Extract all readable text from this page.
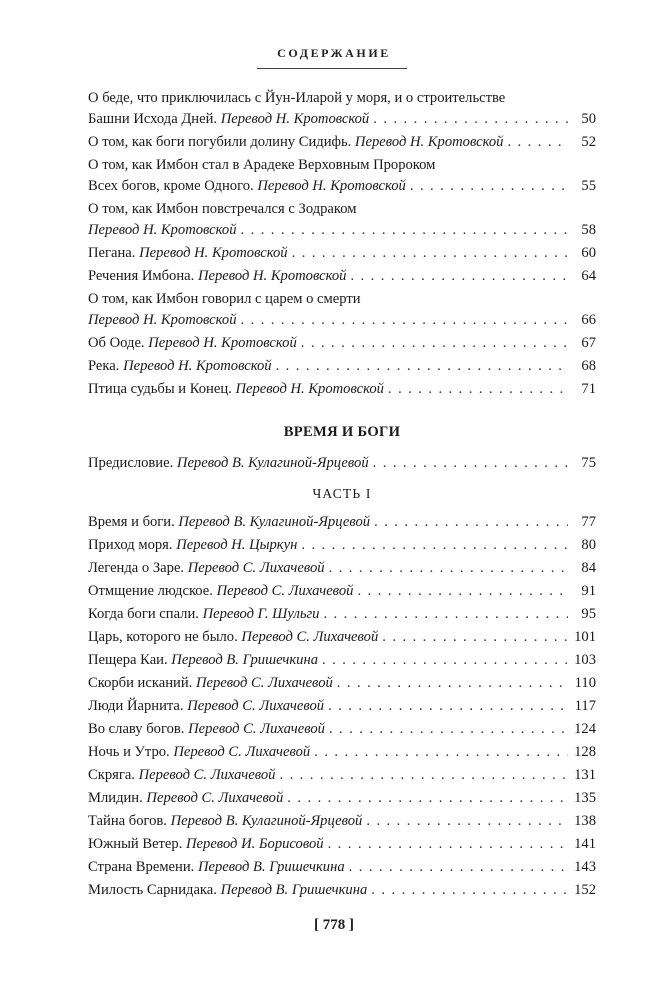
СОДЕРЖАНИЕ
О беде, что приключилась с Йун-Иларой у моря, и о строительстве
Башни Исхода Дней. Перевод Н. Кротовской . . .	50
О том, как боги погубили долину Сидифь. Перевод Н. Кротовской . . .	52
О том, как Имбон стал в Арадеке Верховным Пророком
Всех богов, кроме Одного. Перевод Н. Кротовской . . .	55
О том, как Имбон повстречался с Зодраком
Перевод Н. Кротовской . . .	58
Пегана. Перевод Н. Кротовской . . .	60
Речения Имбона. Перевод Н. Кротовской . . .	64
О том, как Имбон говорил с царем о смерти
Перевод Н. Кротовской . . .	66
Об Ооде. Перевод Н. Кротовской . . .	67
Река. Перевод Н. Кротовской . . .	68
Птица судьбы и Конец. Перевод Н. Кротовской . . .	71
ВРЕМЯ И БОГИ
Предисловие. Перевод В. Кулагиной-Ярцевой . . .	75
ЧАСТЬ I
Время и боги. Перевод В. Кулагиной-Ярцевой . . .	77
Приход моря. Перевод Н. Цыркун . . .	80
Легенда о Заре. Перевод С. Лихачевой . . .	84
Отмщение людское. Перевод С. Лихачевой . . .	91
Когда боги спали. Перевод Г. Шульги . . .	95
Царь, которого не было. Перевод С. Лихачевой . . .	101
Пещера Каи. Перевод В. Гришечкина . . .	103
Скорби исканий. Перевод С. Лихачевой . . .	110
Люди Йарнита. Перевод С. Лихачевой . . .	117
Во славу богов. Перевод С. Лихачевой . . .	124
Ночь и Утро. Перевод С. Лихачевой . . .	128
Скряга. Перевод С. Лихачевой . . .	131
Млидин. Перевод С. Лихачевой . . .	135
Тайна богов. Перевод В. Кулагиной-Ярцевой . . .	138
Южный Ветер. Перевод И. Борисовой . . .	141
Страна Времени. Перевод В. Гришечкина . . .	143
Милость Сарнидака. Перевод В. Гришечкина . . .	152
[ 778 ]
